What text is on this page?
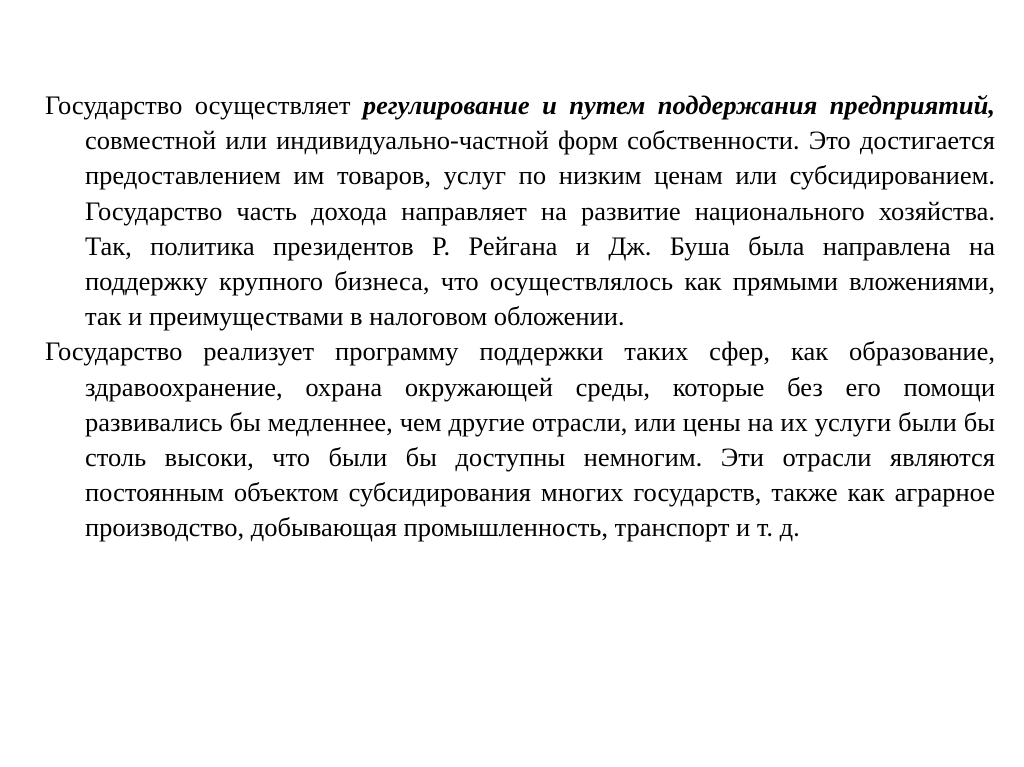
Государство осуществляет регулирование и путем поддержания предприятий, совместной или индивидуально-частной форм собственности. Это достигается предоставлением им товаров, услуг по низким ценам или субсидированием. Государство часть дохода направляет на развитие национального хозяйства. Так, политика президентов Р. Рейгана и Дж. Буша была направлена на поддержку крупного бизнеса, что осуществлялось как прямыми вложениями, так и преимуществами в налоговом обложении.

Государство реализует программу поддержки таких сфер, как образование, здравоохранение, охрана окружающей среды, которые без его помощи развивались бы медленнее, чем другие отрасли, или цены на их услуги были бы столь высоки, что были бы доступны немногим. Эти отрасли являются постоянным объектом субсидирования многих государств, также как аграрное производство, добывающая промышленность, транспорт и т. д.
